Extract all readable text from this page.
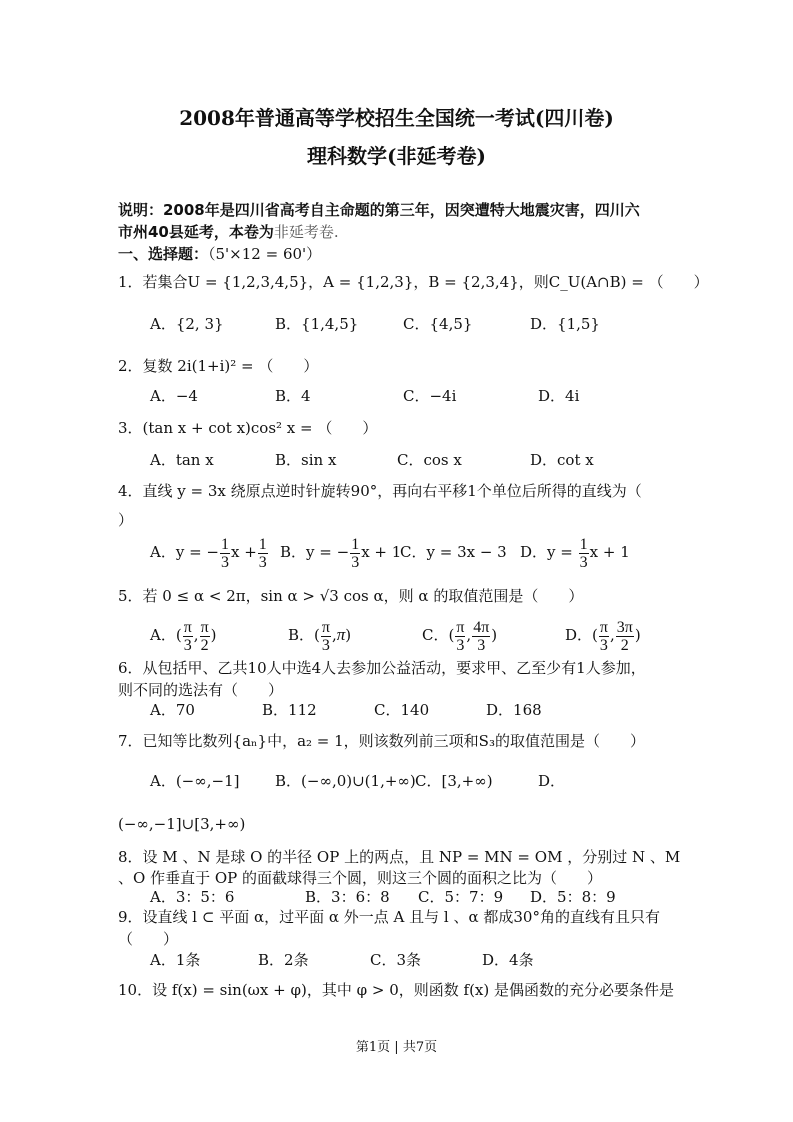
2008年普通高等学校招生全国统一考试(四川卷)
理科数学(非延考卷)
说明：2008年是四川省高考自主命题的第三年，因突遭特大地震灾害，四川六
市州40县延考，本卷为非延考卷.
一、选择题：（5'×12 = 60'）
1．若集合U = {1,2,3,4,5}，A = {1,2,3}，B = {2,3,4}，则C_U(A∩B) = （　　）
A．{2, 3}	B．{1,4,5}	C．{4,5}	D．{1,5}
2．复数 2i(1+i)² = （　　）
A．−4	B．4	C．−4i	D．4i
3．(tan x + cot x)cos² x = （　　）
A．tan x	B．sin x	C．cos x	D．cot x
4．直线 y = 3x 绕原点逆时针旋转90°，再向右平移1个单位后所得的直线为（
）
A．y = − $\frac{1}{3}$ $x + \frac{1}{3}$ B．y = − $\frac{1}{3}$ x + 1
C．y = 3x − 3 D．$y = \frac{1}{3}$ x + 1
5．若 0 ≤ α < 2π，sin α > √3 cos α，则 α 的取值范围是（　　）
A．( $\frac{\pi}{3}$ , $\frac{\pi}{2}$ )	B．( $\frac{\pi}{3} ,\pi$)	C．( $\frac{\pi}{3}$ , $\frac{4\pi}{3}$ )	D．( $\frac{\pi}{3}$ , $\frac{3\pi}{2}$ )
6．从包括甲、乙共10人中选4人去参加公益活动，要求甲、乙至少有1人参加，
则不同的选法有（　　）
A．70	B．112	C．140	D．168
7．已知等比数列{aₙ}中，a₂ = 1，则该数列前三项和S₃的取值范围是（　　）
A．(−∞,−1] B．(−∞,0)∪(1,+∞) C．[3,+∞)	D．
(−∞,−1]∪[3,+∞)
8．设 M 、N 是球 O 的半径 OP 上的两点，且 NP = MN = OM ，分别过 N 、M
、O 作垂直于 OP 的面截球得三个圆，则这三个圆的面积之比为（　　）
A．3：5：6	B．3：6：8 C．5：7：9 D．5：8：9
9．设直线 l ⊂ 平面 α，过平面 α 外一点 A 且与 l 、α 都成30°角的直线有且只有
（　　）
A．1条	B．2条	C．3条	D．4条
10．设 f(x) = sin(ωx + φ)，其中 φ > 0，则函数 f(x) 是偶函数的充分必要条件是
第1页 | 共7页
